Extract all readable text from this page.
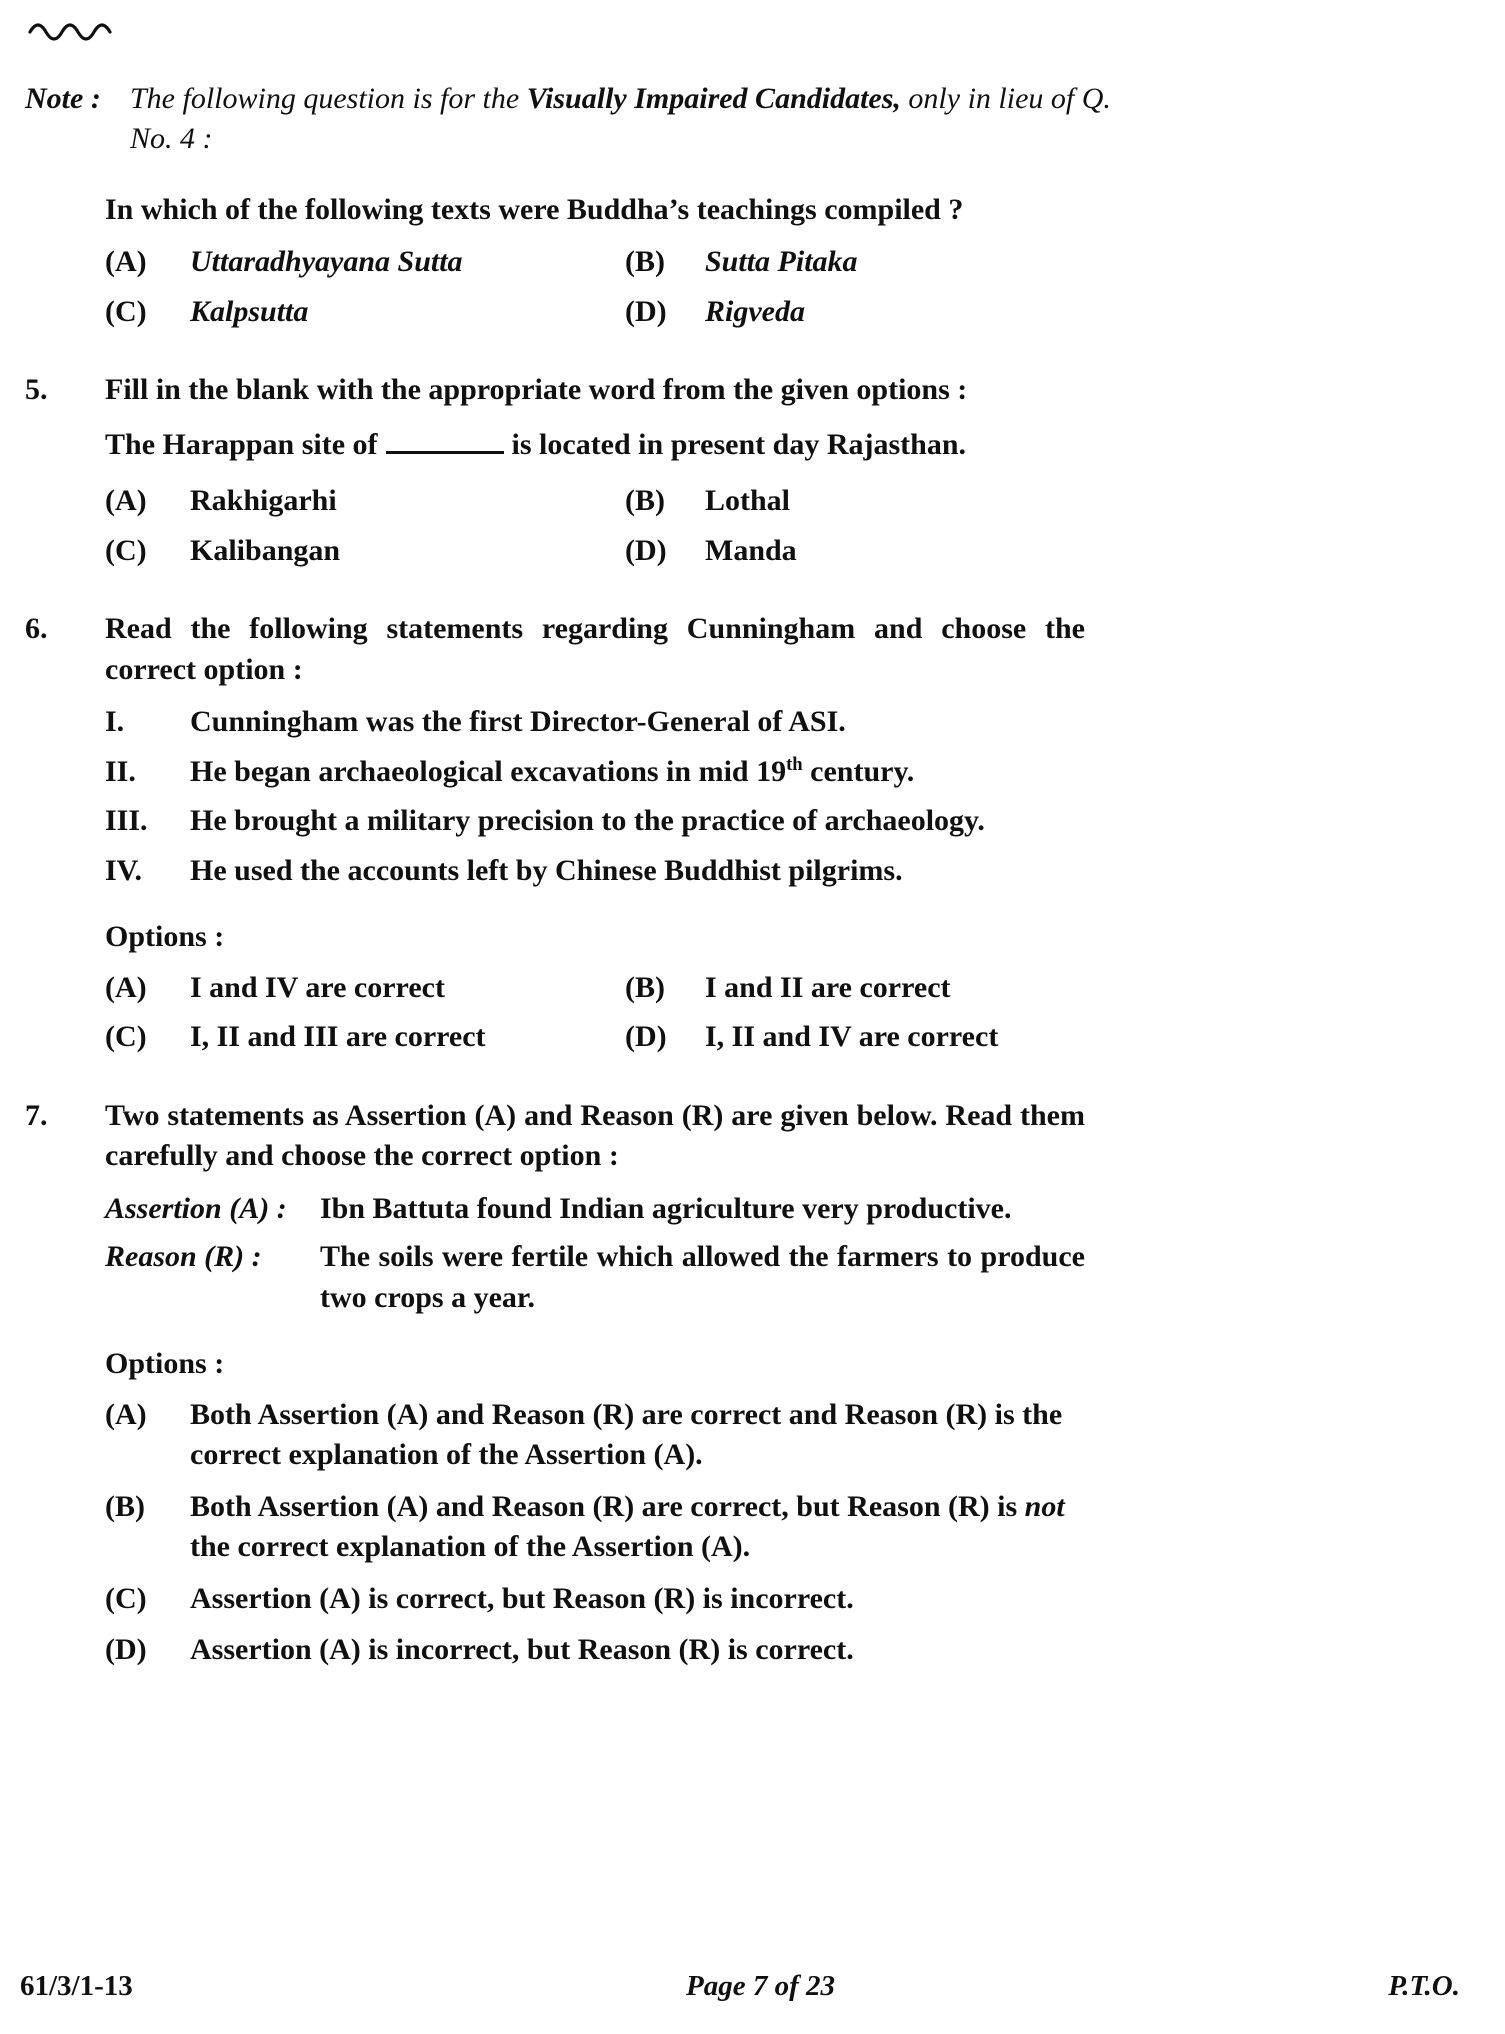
Note : The following question is for the Visually Impaired Candidates, only in lieu of Q. No. 4 :
In which of the following texts were Buddha’s teachings compiled ?
(A)	Uttaradhyayana Sutta	(B)	Sutta Pitaka
(C)	Kalpsutta	(D)	Rigveda
5.	Fill in the blank with the appropriate word from the given options :
The Harappan site of	is located in present day Rajasthan.
(A)	Rakhigarhi	(B)	Lothal
(C)	Kalibangan	(D)	Manda
6.	Read the following statements regarding Cunningham and choose the correct option :
I.	Cunningham was the first Director-General of ASI.
II.	He began archaeological excavations in mid 19th century.
III.	He brought a military precision to the practice of archaeology.
IV.	He used the accounts left by Chinese Buddhist pilgrims.
Options :
(A)	I and IV are correct	(B)	I and II are correct
(C)	I, II and III are correct	(D)	I, II and IV are correct
7.	Two statements as Assertion (A) and Reason (R) are given below. Read them carefully and choose the correct option :
Assertion (A) :	Ibn Battuta found Indian agriculture very productive.
Reason (R) :	The soils were fertile which allowed the farmers to produce two crops a year.
Options :
(A)	Both Assertion (A) and Reason (R) are correct and Reason (R) is the correct explanation of the Assertion (A).
(B)	Both Assertion (A) and Reason (R) are correct, but Reason (R) is not the correct explanation of the Assertion (A).
(C)	Assertion (A) is correct, but Reason (R) is incorrect.
(D)	Assertion (A) is incorrect, but Reason (R) is correct.
61/3/1-13	Page 7 of 23	P.T.O.
